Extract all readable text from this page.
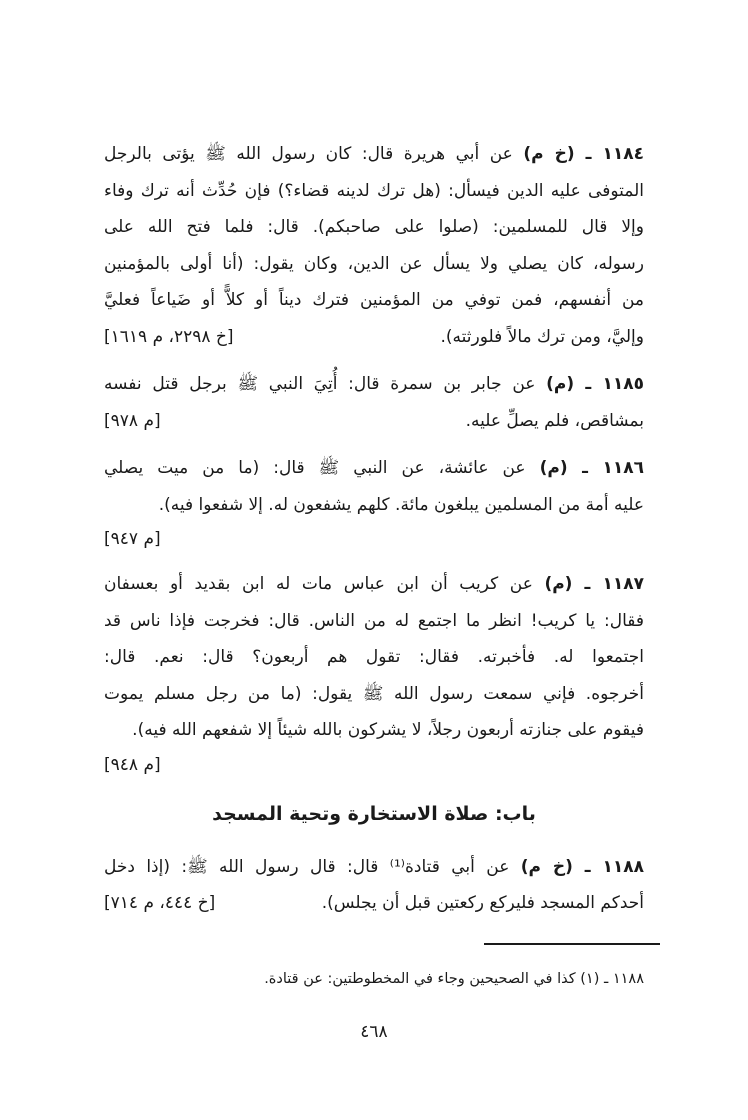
١١٨٤ ـ (خ م) عن أبي هريرة قال: كان رسول الله ﷺ يؤتى بالرجل
المتوفى عليه الدين فيسأل: (هل ترك لدينه قضاء؟) فإن حُدِّث أنه ترك وفاء
وإلا قال للمسلمين: (صلوا على صاحبكم). قال: فلما فتح الله على
رسوله، كان يصلي ولا يسأل عن الدين، وكان يقول: (أنا أولى بالمؤمنين
من أنفسهم، فمن توفي من المؤمنين فترك ديناً أو كلاًّ أو ضَياعاً فعليَّ
وإليَّ، ومن ترك مالاً فلورثته).
[خ ٢٢٩٨، م ١٦١٩]
١١٨٥ ـ (م) عن جابر بن سمرة قال: أُتِيَ النبي ﷺ برجل قتل نفسه
بمشاقص، فلم يصلِّ عليه.
[م ٩٧٨]
١١٨٦ ـ (م) عن عائشة، عن النبي ﷺ قال: (ما من ميت يصلي
عليه أمة من المسلمين يبلغون مائة. كلهم يشفعون له. إلا شفعوا فيه).
[م ٩٤٧]
١١٨٧ ـ (م) عن كريب أن ابن عباس مات له ابن بقديد أو بعسفان
فقال: يا كريب! انظر ما اجتمع له من الناس. قال: فخرجت فإذا ناس قد
اجتمعوا له. فأخبرته. فقال: تقول هم أربعون؟ قال: نعم. قال:
أخرجوه. فإني سمعت رسول الله ﷺ يقول: (ما من رجل مسلم يموت
فيقوم على جنازته أربعون رجلاً، لا يشركون بالله شيئاً إلا شفعهم الله فيه).
[م ٩٤٨]
باب: صلاة الاستخارة وتحية المسجد
١١٨٨ ـ (خ م) عن أبي قتادة⁽¹⁾ قال: قال رسول الله ﷺ: (إذا دخل
أحدكم المسجد فليركع ركعتين قبل أن يجلس).
[خ ٤٤٤، م ٧١٤]
١١٨٨ ـ (١) كذا في الصحيحين وجاء في المخطوطتين: عن قتادة.
٤٦٨
